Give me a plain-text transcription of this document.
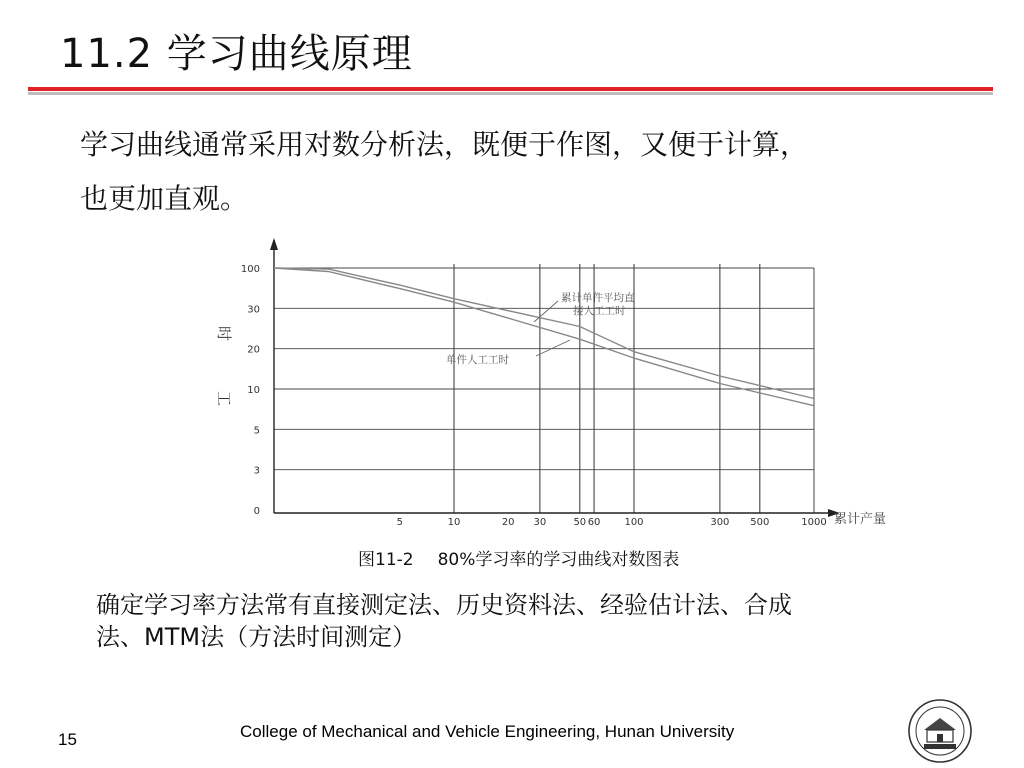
11.2 学习曲线原理
学习曲线通常采用对数分析法，既便于作图，又便于计算，
也更加直观。
100
30
20
10
5
3
0
5	10	20 30	50 60 100	300 500	1000
时
工
累计产量
累计单件平均直
接人工工时
单件人工工时
图11-2 80%学习率的学习曲线对数图表
确定学习率方法常有直接测定法、历史资料法、经验估计法、合成
法、MTM法（方法时间测定）
15	College of Mechanical and Vehicle Engineering, Hunan University
